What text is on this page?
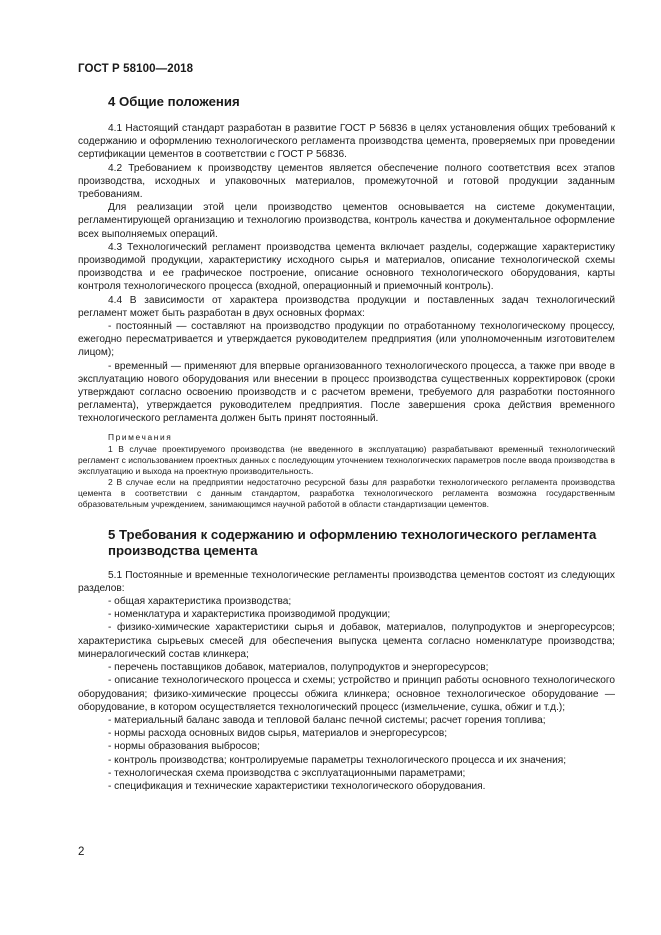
ГОСТ Р 58100—2018
4 Общие положения

4.1 Настоящий стандарт разработан в развитие ГОСТ Р 56836 в целях установления общих требований к содержанию и оформлению технологического регламента производства цемента, проверяемых при проведении сертификации цементов в соответствии с ГОСТ Р 56836.

4.2 Требованием к производству цементов является обеспечение полного соответствия всех этапов производства, исходных и упаковочных материалов, промежуточной и готовой продукции заданным требованиям.

Для реализации этой цели производство цементов основывается на системе документации, регламентирующей организацию и технологию производства, контроль качества и документальное оформление всех выполняемых операций.

4.3 Технологический регламент производства цемента включает разделы, содержащие характеристику производимой продукции, характеристику исходного сырья и материалов, описание технологической схемы производства и ее графическое построение, описание основного технологического оборудования, карты контроля технологического процесса (входной, операционный и приемочный контроль).

4.4 В зависимости от характера производства продукции и поставленных задач технологический регламент может быть разработан в двух основных формах:

- постоянный — составляют на производство продукции по отработанному технологическому процессу, ежегодно пересматривается и утверждается руководителем предприятия (или уполномоченным изготовителем лицом);

- временный — применяют для впервые организованного технологического процесса, а также при вводе в эксплуатацию нового оборудования или внесении в процесс производства существенных корректировок (сроки утверждают согласно освоению производств и с расчетом времени, требуемого для разработки постоянного регламента), утверждается руководителем предприятия. После завершения срока действия временного технологического регламента должен быть принят постоянный.

Примечания

1 В случае проектируемого производства (не введенного в эксплуатацию) разрабатывают временный технологический регламент с использованием проектных данных с последующим уточнением технологических параметров после ввода производства в эксплуатацию и выхода на проектную производительность.

2 В случае если на предприятии недостаточно ресурсной базы для разработки технологического регламента производства цемента в соответствии с данным стандартом, разработка технологического регламента возможна государственным образовательным учреждением, занимающимся научной работой в области стандартизации цементов.

5 Требования к содержанию и оформлению технологического регламента производства цемента

5.1 Постоянные и временные технологические регламенты производства цементов состоят из следующих разделов:

- общая характеристика производства;

- номенклатура и характеристика производимой продукции;

- физико-химические характеристики сырья и добавок, материалов, полупродуктов и энергоресурсов; характеристика сырьевых смесей для обеспечения выпуска цемента согласно номенклатуре производства; минералогический состав клинкера;

- перечень поставщиков добавок, материалов, полупродуктов и энергоресурсов;

- описание технологического процесса и схемы; устройство и принцип работы основного технологического оборудования; физико-химические процессы обжига клинкера; основное технологическое оборудование — оборудование, в котором осуществляется технологический процесс (измельчение, сушка, обжиг и т.д.);

- материальный баланс завода и тепловой баланс печной системы; расчет горения топлива;

- нормы расхода основных видов сырья, материалов и энергоресурсов;

- нормы образования выбросов;

- контроль производства; контролируемые параметры технологического процесса и их значения;

- технологическая схема производства с эксплуатационными параметрами;

- спецификация и технические характеристики технологического оборудования.

2
